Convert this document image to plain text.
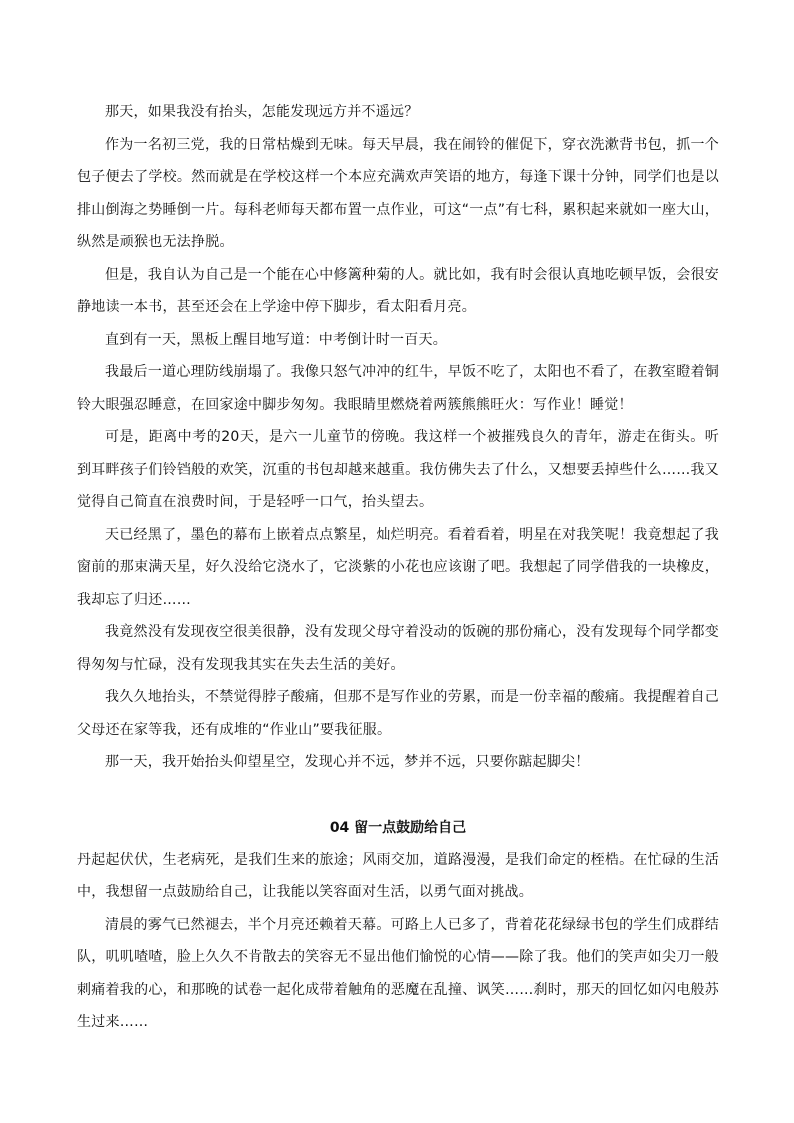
那天，如果我没有抬头，怎能发现远方并不遥远？

作为一名初三党，我的日常枯燥到无味。每天早晨，我在闹铃的催促下，穿衣洗漱背书包，抓一个包子便去了学校。然而就是在学校这样一个本应充满欢声笑语的地方，每逢下课十分钟，同学们也是以排山倒海之势睡倒一片。每科老师每天都布置一点作业，可这“一点”有七科，累积起来就如一座大山，纵然是顽猴也无法挣脱。

但是，我自认为自己是一个能在心中修篱种菊的人。就比如，我有时会很认真地吃顿早饭，会很安静地读一本书，甚至还会在上学途中停下脚步，看太阳看月亮。

直到有一天，黑板上醒目地写道：中考倒计时一百天。

我最后一道心理防线崩塌了。我像只怒气冲冲的红牛，早饭不吃了，太阳也不看了，在教室瞪着铜铃大眼强忍睡意，在回家途中脚步匆匆。我眼睛里燃烧着两簇熊熊旺火：写作业！睡觉！

可是，距离中考的20天，是六一儿童节的傍晚。我这样一个被摧残良久的青年，游走在街头。听到耳畔孩子们铃铛般的欢笑，沉重的书包却越来越重。我仿佛失去了什么，又想要丢掉些什么……我又觉得自己简直在浪费时间，于是轻呼一口气，抬头望去。

天已经黑了，墨色的幕布上嵌着点点繁星，灿烂明亮。看着看着，明星在对我笑呢！我竟想起了我窗前的那束满天星，好久没给它浇水了，它淡紫的小花也应该谢了吧。我想起了同学借我的一块橡皮，我却忘了归还……

我竟然没有发现夜空很美很静，没有发现父母守着没动的饭碗的那份痛心，没有发现每个同学都变得匆匆与忙碌，没有发现我其实在失去生活的美好。

我久久地抬头，不禁觉得脖子酸痛，但那不是写作业的劳累，而是一份幸福的酸痛。我提醒着自己父母还在家等我，还有成堆的“作业山”要我征服。

那一天，我开始抬头仰望星空，发现心并不远，梦并不远，只要你踮起脚尖！

04 留一点鼓励给自己

丹起起伏伏，生老病死，是我们生来的旅途；风雨交加，道路漫漫，是我们命定的桎梏。在忙碌的生活中，我想留一点鼓励给自己，让我能以笑容面对生活，以勇气面对挑战。

清晨的雾气已然褪去，半个月亮还赖着天幕。可路上人已多了，背着花花绿绿书包的学生们成群结队，叽叽喳喳，脸上久久不肯散去的笑容无不显出他们愉悦的心情——除了我。他们的笑声如尖刀一般刺痛着我的心，和那晚的试卷一起化成带着触角的恶魔在乱撞、讽笑……刹时，那天的回忆如闪电般苏生过来……
